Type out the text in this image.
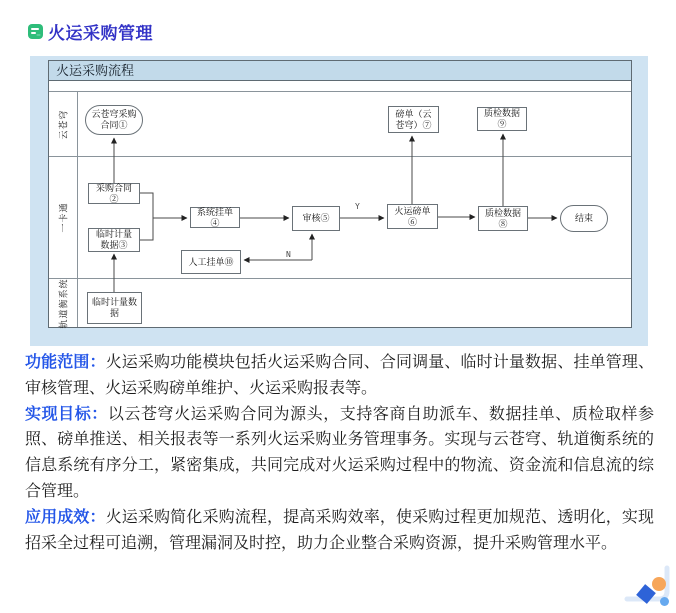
火运采购管理
火运采购流程
云苍穹
一卡通
轨道衡系统
云苍穹采购合同①
磅单（云苍穹）⑦
质检数据⑨
采购合同②
临时计量数据③
系统挂单④	审核⑤
火运磅单⑥
质检数据⑧
结束
人工挂单⑩
临时计量数据
Y
N

功能范围：火运采购功能模块包括火运采购合同、合同调量、临时计量数据、挂单管理、审核管理、火运采购磅单维护、火运采购报表等。

实现目标：以云苍穹火运采购合同为源头，支持客商自助派车、数据挂单、质检取样参照、磅单推送、相关报表等一系列火运采购业务管理事务。实现与云苍穹、轨道衡系统的信息系统有序分工，紧密集成，共同完成对火运采购过程中的物流、资金流和信息流的综合管理。

应用成效：火运采购简化采购流程，提高采购效率，使采购过程更加规范、透明化，实现招采全过程可追溯，管理漏洞及时控，助力企业整合采购资源，提升采购管理水平。
